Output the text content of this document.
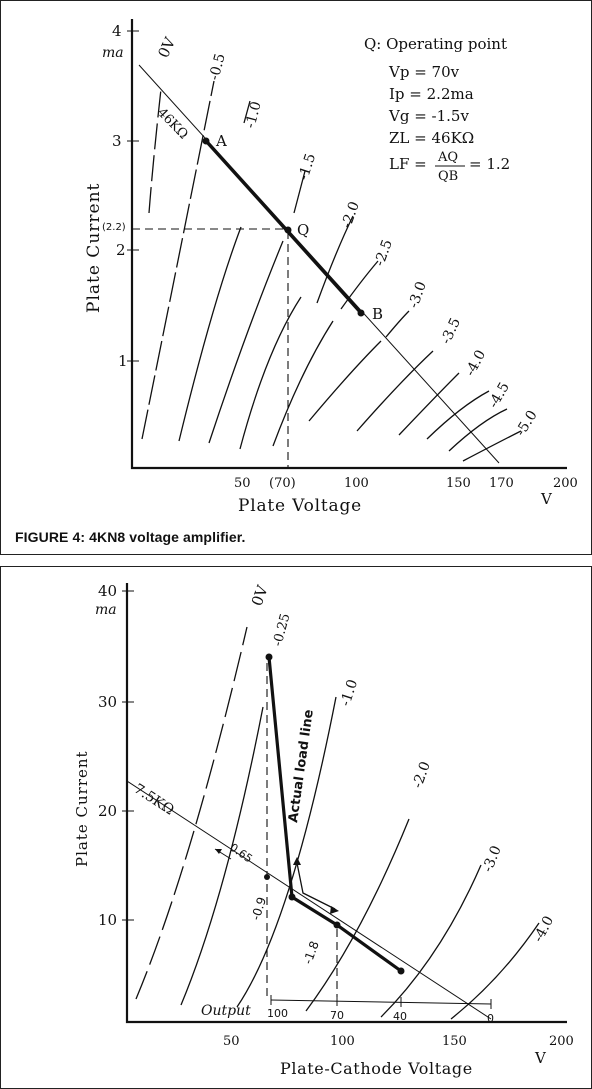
4
ma
3
2
(2.2)
1
Plate Current
50 (70)	100	150 170	200
V
Plate Voltage
46KΩ A
Q
B
0V
-0.5
-1.0
-1.5
-2.0
-2.5
-3.0
-3.5
-4.0
-4.5
-5.0
Q: Operating point
Vp = 70v
Ip = 2.2ma
Vg = -1.5v
ZL = 46KΩ
LF = AQ
QB
= 1.2
FIGURE 4: 4KN8 voltage amplifier.
40
ma
30
20
10
Plate Current
50	100	150	200
V
Plate-Cathode Voltage
7.5KΩ
0.65
Actual load line
0V
-0.25
-1.0
-2.0
-3.0
-4.0
-0.9
-1.8
Output 100	70	40	0
